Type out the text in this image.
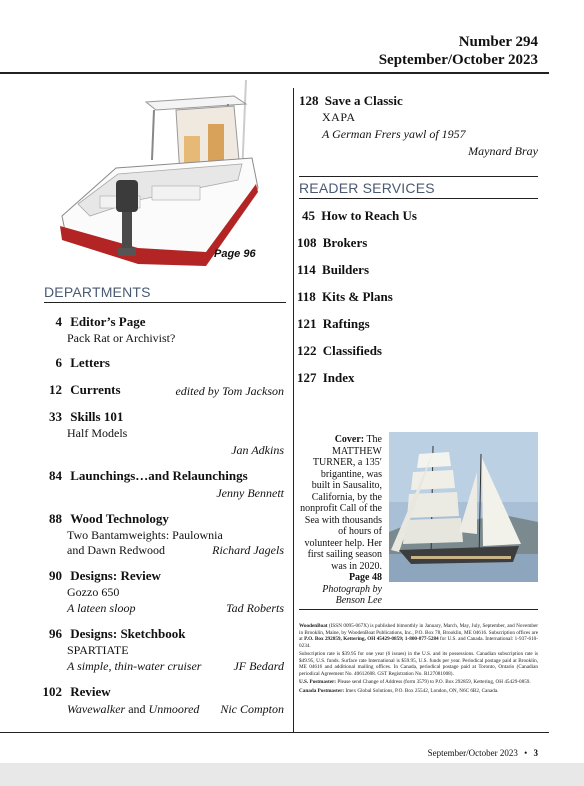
Number 294
September/October 2023
Page 96
DEPARTMENTS
4 Editor’s Page
Pack Rat or Archivist?
6 Letters
12 Currents	edited by Tom Jackson
33 Skills 101
Half Models
Jan Adkins
84 Launchings…and Relaunchings
Jenny Bennett
88 Wood Technology
Two Bantamweights: Paulownia
and Dawn Redwood	Richard Jagels
90 Designs: Review
Gozzo 650
A lateen sloop	Tad Roberts
96 Designs: Sketchbook
SPARTIATE
A simple, thin-water cruiser	JF Bedard
102 Review
Wavewalker and Unmoored Nic Compton
128 Save a Classic
XAPA
A German Frers yawl of 1957
Maynard Bray
READER SERVICES
45 How to Reach Us
108 Brokers
114 Builders
118 Kits & Plans
121 Raftings
122 Classifieds
127 Index
Cover: The
MATTHEW
TURNER, a 135′
brigantine, was
built in Sausalito,
California, by the
nonprofit Call of the
Sea with thousands
of hours of
volunteer help. Her
first sailing season
was in 2020.
Page 48
Photograph by
Benson Lee

WoodenBoat (ISSN 0095-067X) is published bimonthly in January, March, May, July, September, and November in Brooklin, Maine, by WoodenBoat Publications, Inc., P.O. Box 78, Brooklin, ME 04616. Subscription offices are at P.O. Box 292859, Kettering, OH 45429-0859; 1-800-877-5284 for U.S. and Canada. International: 1-937-610-0234.

Subscription rate is $39.95 for one year (6 issues) in the U.S. and its possessions. Canadian subscription rate is $49.95, U.S. funds. Surface rate International is $59.95, U.S. funds per year. Periodical postage paid at Brooklin, ME 04616 and additional mailing offices. In Canada, periodical postage paid at Toronto, Ontario (Canadian periodical Agreement No. 40612608. GST Registration No. R127081008).

U.S. Postmaster: Please send Change of Address (form 3579) to P.O. Box 292859, Kettering, OH 45429-0859.

Canada Postmaster: Imex Global Solutions, P.O. Box 25542, London, ON, N6C 6B2, Canada.

September/October 2023 • 3
